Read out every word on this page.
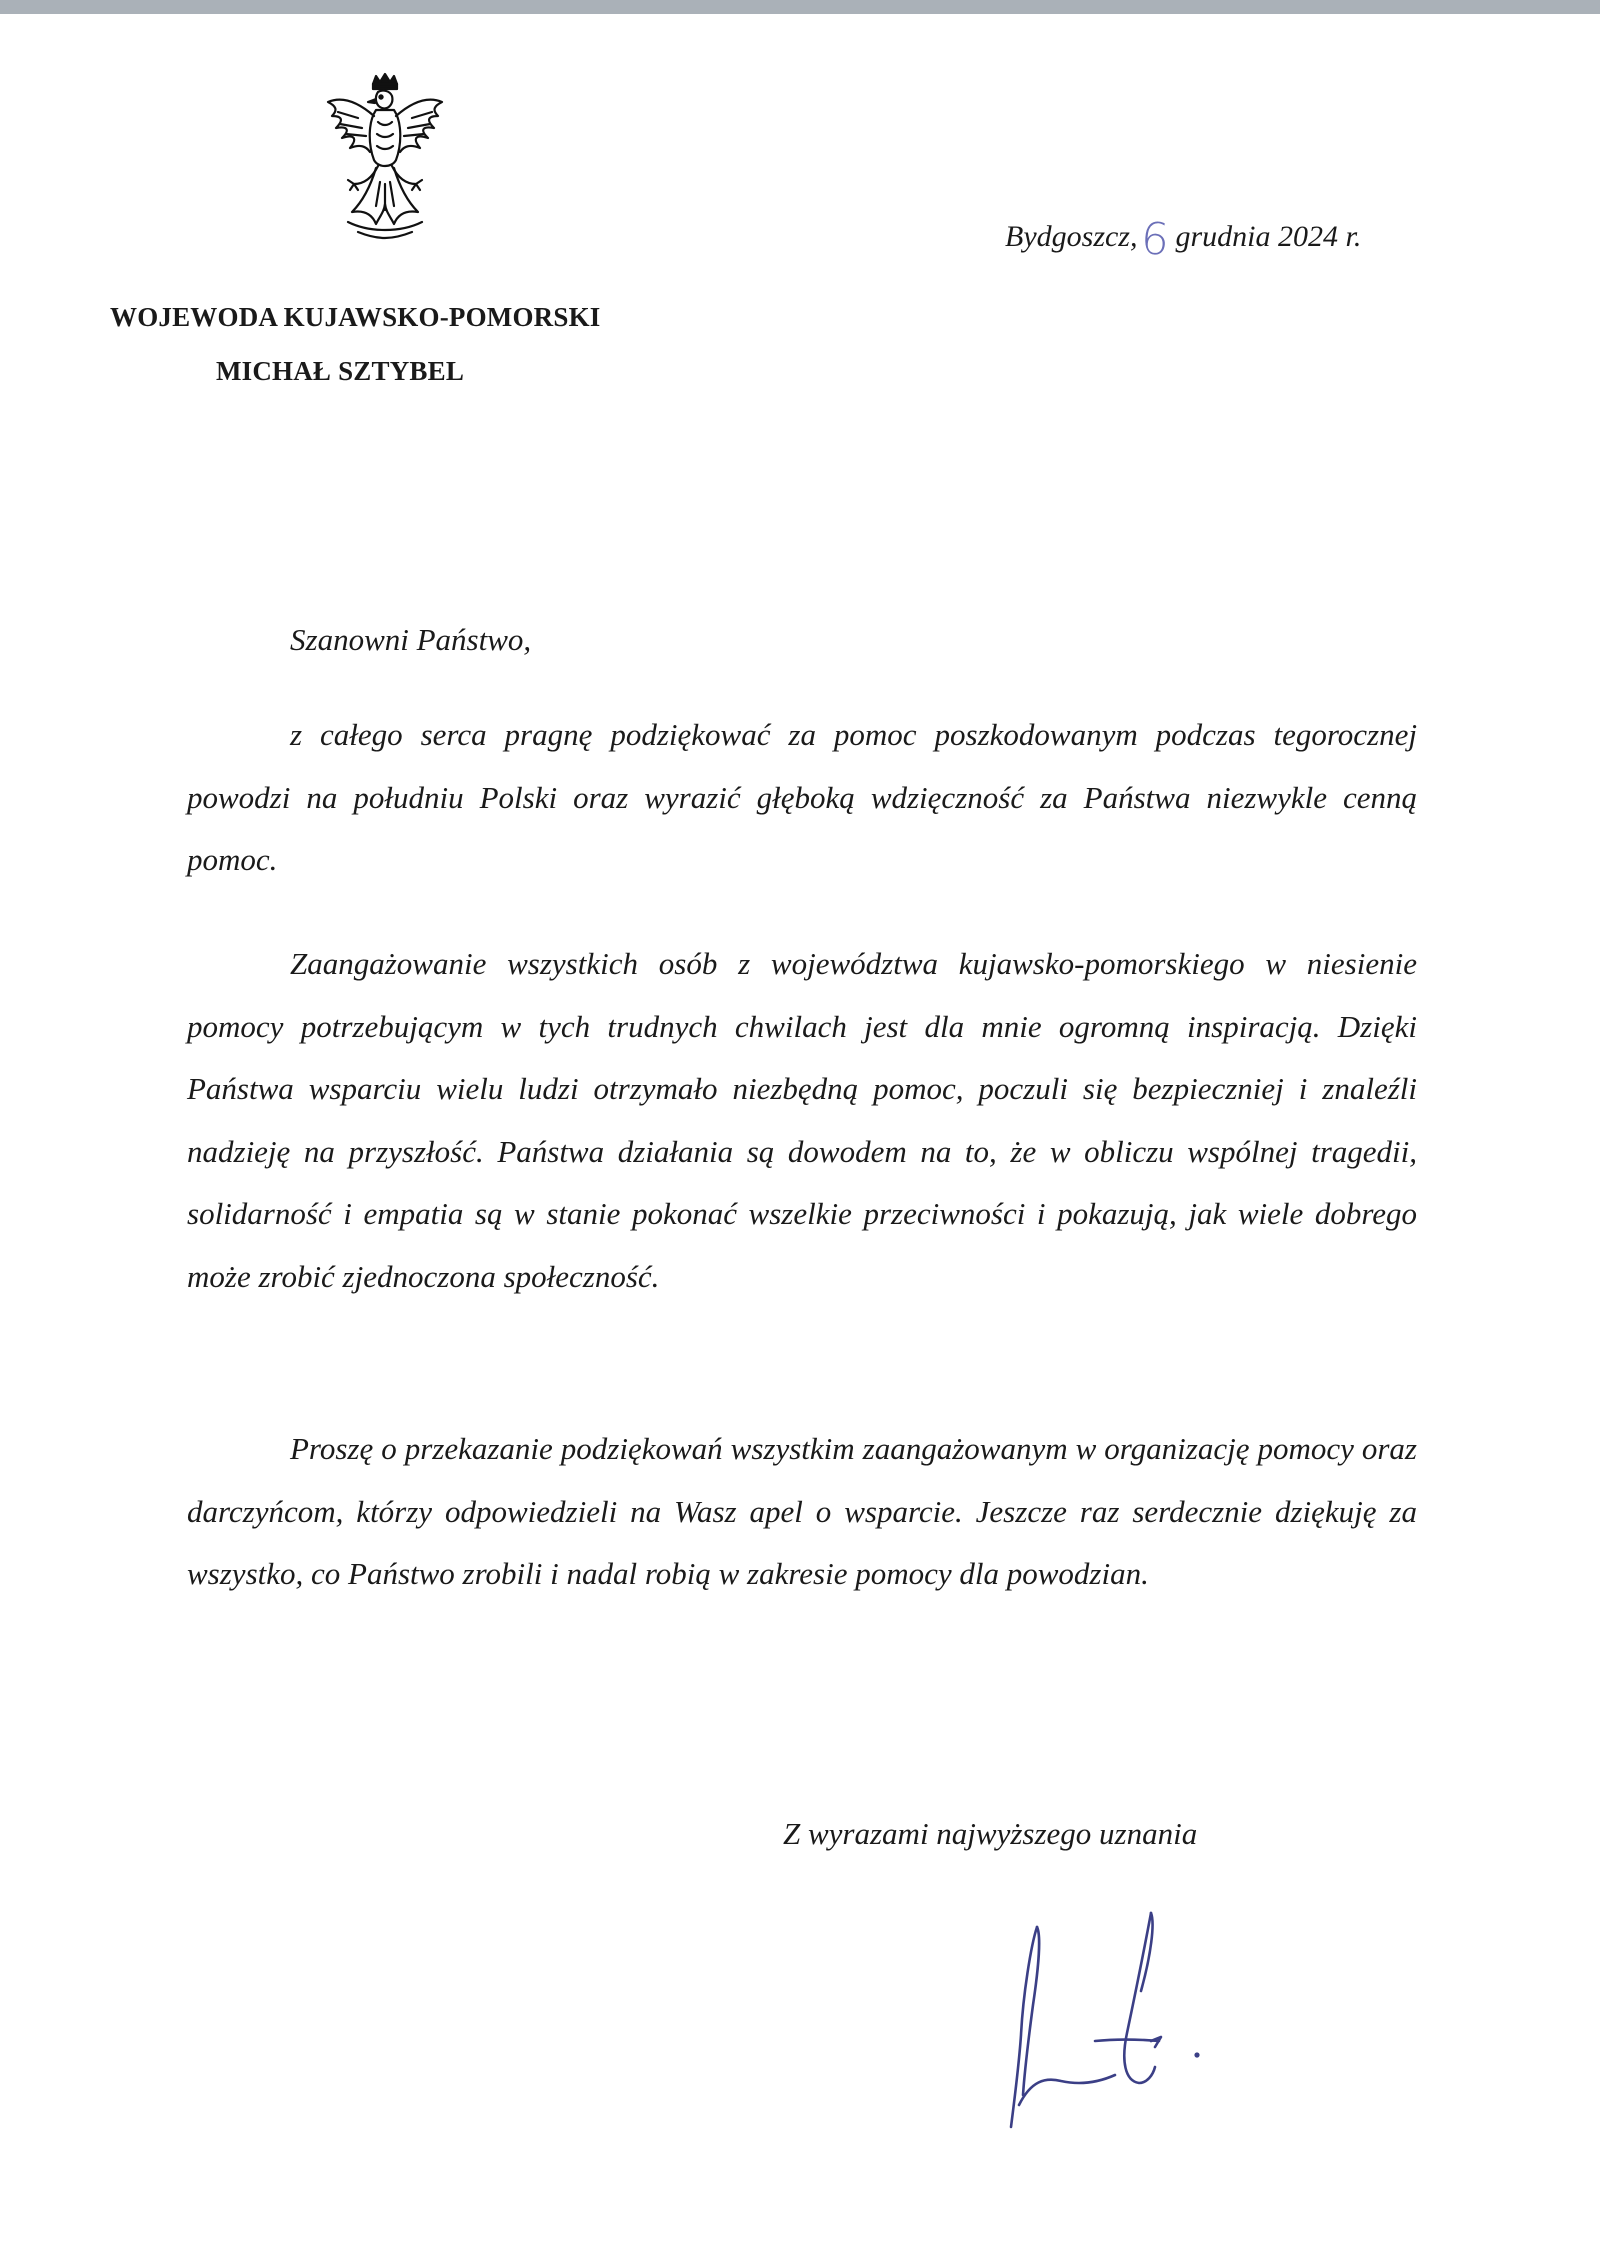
Bydgoszcz,6 grudnia 2024 r.
WOJEWODA KUJAWSKO-POMORSKI
MICHAŁ SZTYBEL
Szanowni Państwo,

z całego serca pragnę podziękować za pomoc poszkodowanym podczas tegorocznej powodzi na południu Polski oraz wyrazić głęboką wdzięczność za Państwa niezwykle cenną pomoc.

Zaangażowanie wszystkich osób z województwa kujawsko-pomorskiego w niesienie pomocy potrzebującym w tych trudnych chwilach jest dla mnie ogromną inspiracją. Dzięki Państwa wsparciu wielu ludzi otrzymało niezbędną pomoc, poczuli się bezpieczniej i znaleźli nadzieję na przyszłość. Państwa działania są dowodem na to, że w obliczu wspólnej tragedii, solidarność i empatia są w stanie pokonać wszelkie przeciwności i pokazują, jak wiele dobrego może zrobić zjednoczona społeczność.

Proszę o przekazanie podziękowań wszystkim zaangażowanym w organizację pomocy oraz darczyńcom, którzy odpowiedzieli na Wasz apel o wsparcie. Jeszcze raz serdecznie dziękuję za wszystko, co Państwo zrobili i nadal robią w zakresie pomocy dla powodzian.

Z wyrazami najwyższego uznania
